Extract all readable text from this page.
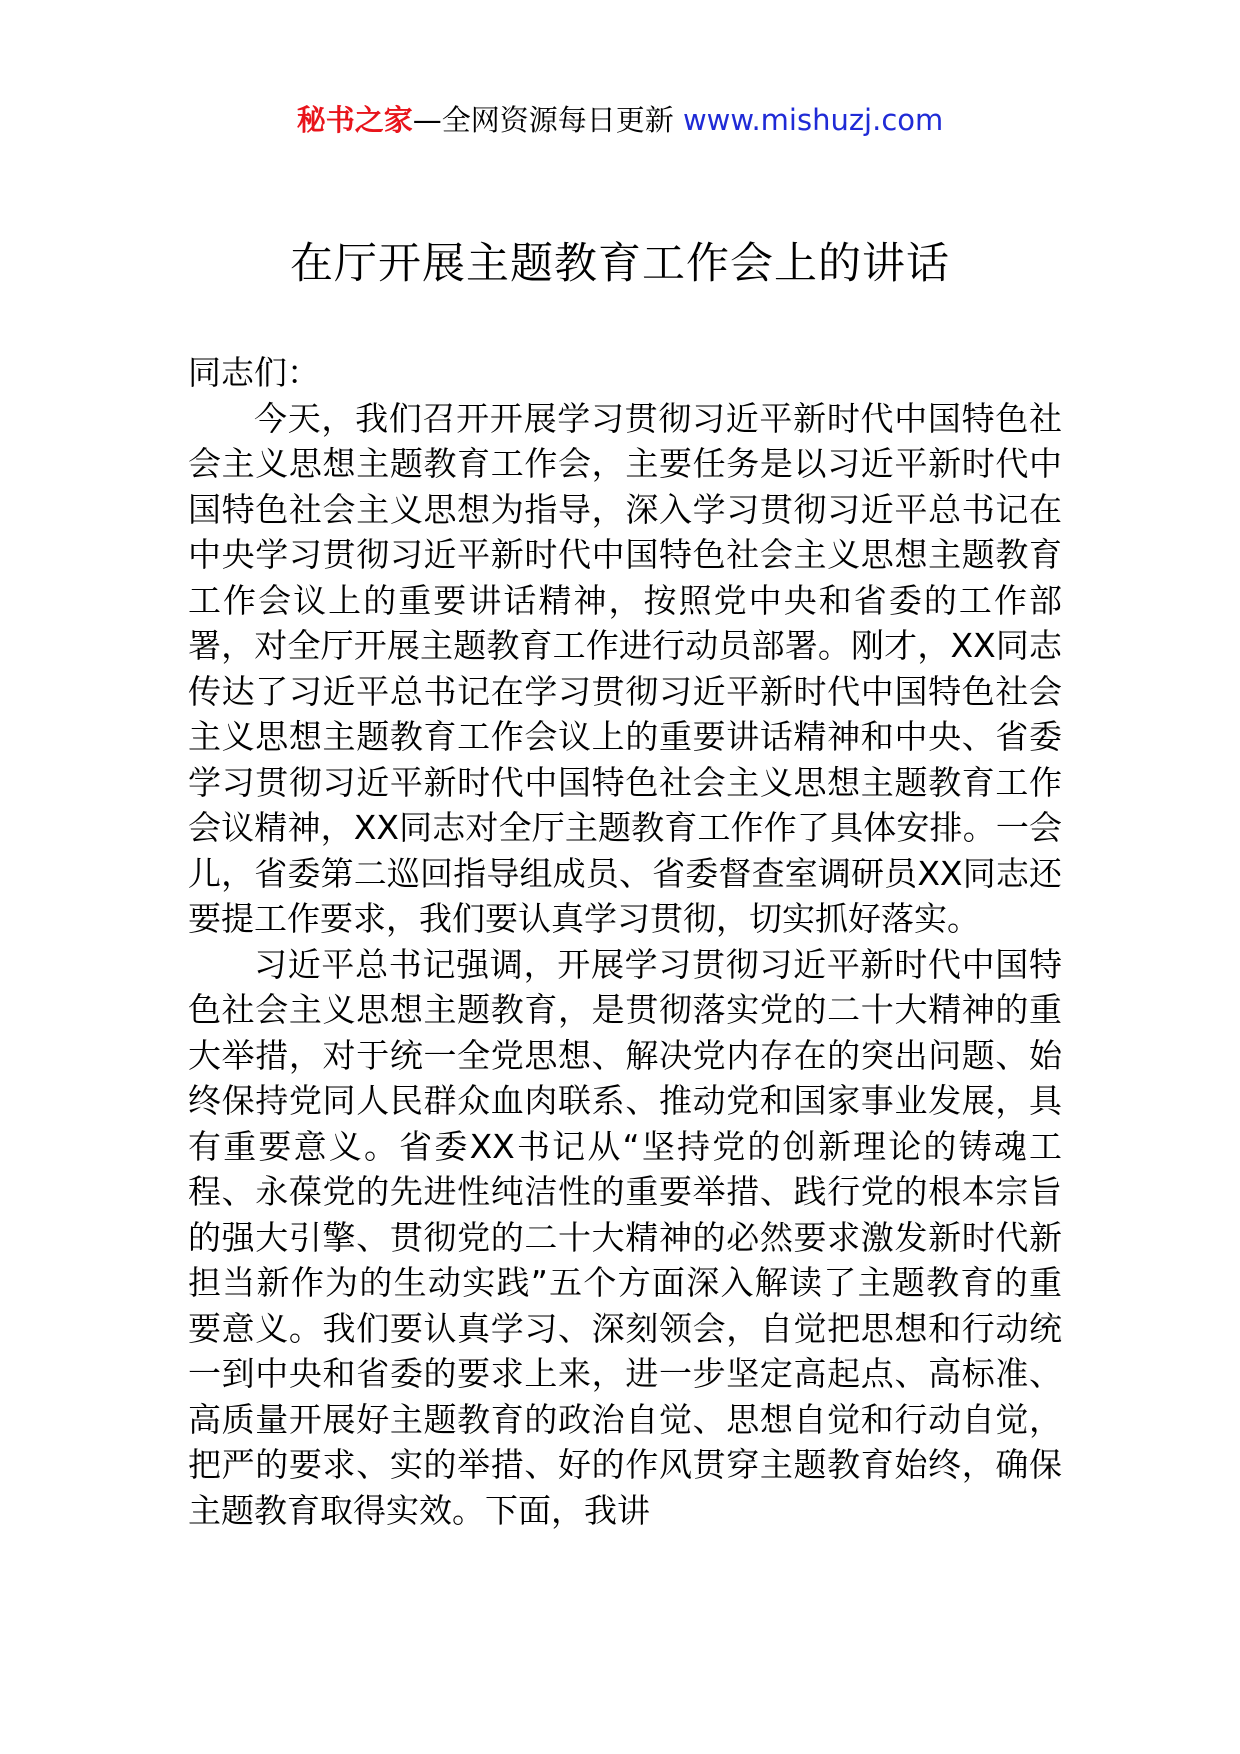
秘书之家—全网资源每日更新 www.mishuzj.com
在厅开展主题教育工作会上的讲话

同志们：

今天，我们召开开展学习贯彻习近平新时代中国特色社会主义思想主题教育工作会，主要任务是以习近平新时代中国特色社会主义思想为指导，深入学习贯彻习近平总书记在中央学习贯彻习近平新时代中国特色社会主义思想主题教育工作会议上的重要讲话精神，按照党中央和省委的工作部署，对全厅开展主题教育工作进行动员部署。刚才，XX同志传达了习近平总书记在学习贯彻习近平新时代中国特色社会主义思想主题教育工作会议上的重要讲话精神和中央、省委学习贯彻习近平新时代中国特色社会主义思想主题教育工作会议精神，XX同志对全厅主题教育工作作了具体安排。一会儿，省委第二巡回指导组成员、省委督查室调研员XX同志还要提工作要求，我们要认真学习贯彻，切实抓好落实。

习近平总书记强调，开展学习贯彻习近平新时代中国特色社会主义思想主题教育，是贯彻落实党的二十大精神的重大举措，对于统一全党思想、解决党内存在的突出问题、始终保持党同人民群众血肉联系、推动党和国家事业发展，具有重要意义。省委XX书记从“坚持党的创新理论的铸魂工程、永葆党的先进性纯洁性的重要举措、践行党的根本宗旨的强大引擎、贯彻党的二十大精神的必然要求激发新时代新担当新作为的生动实践”五个方面深入解读了主题教育的重要意义。我们要认真学习、深刻领会，自觉把思想和行动统一到中央和省委的要求上来，进一步坚定高起点、高标准、高质量开展好主题教育的政治自觉、思想自觉和行动自觉，把严的要求、实的举措、好的作风贯穿主题教育始终，确保主题教育取得实效。下面，我讲
